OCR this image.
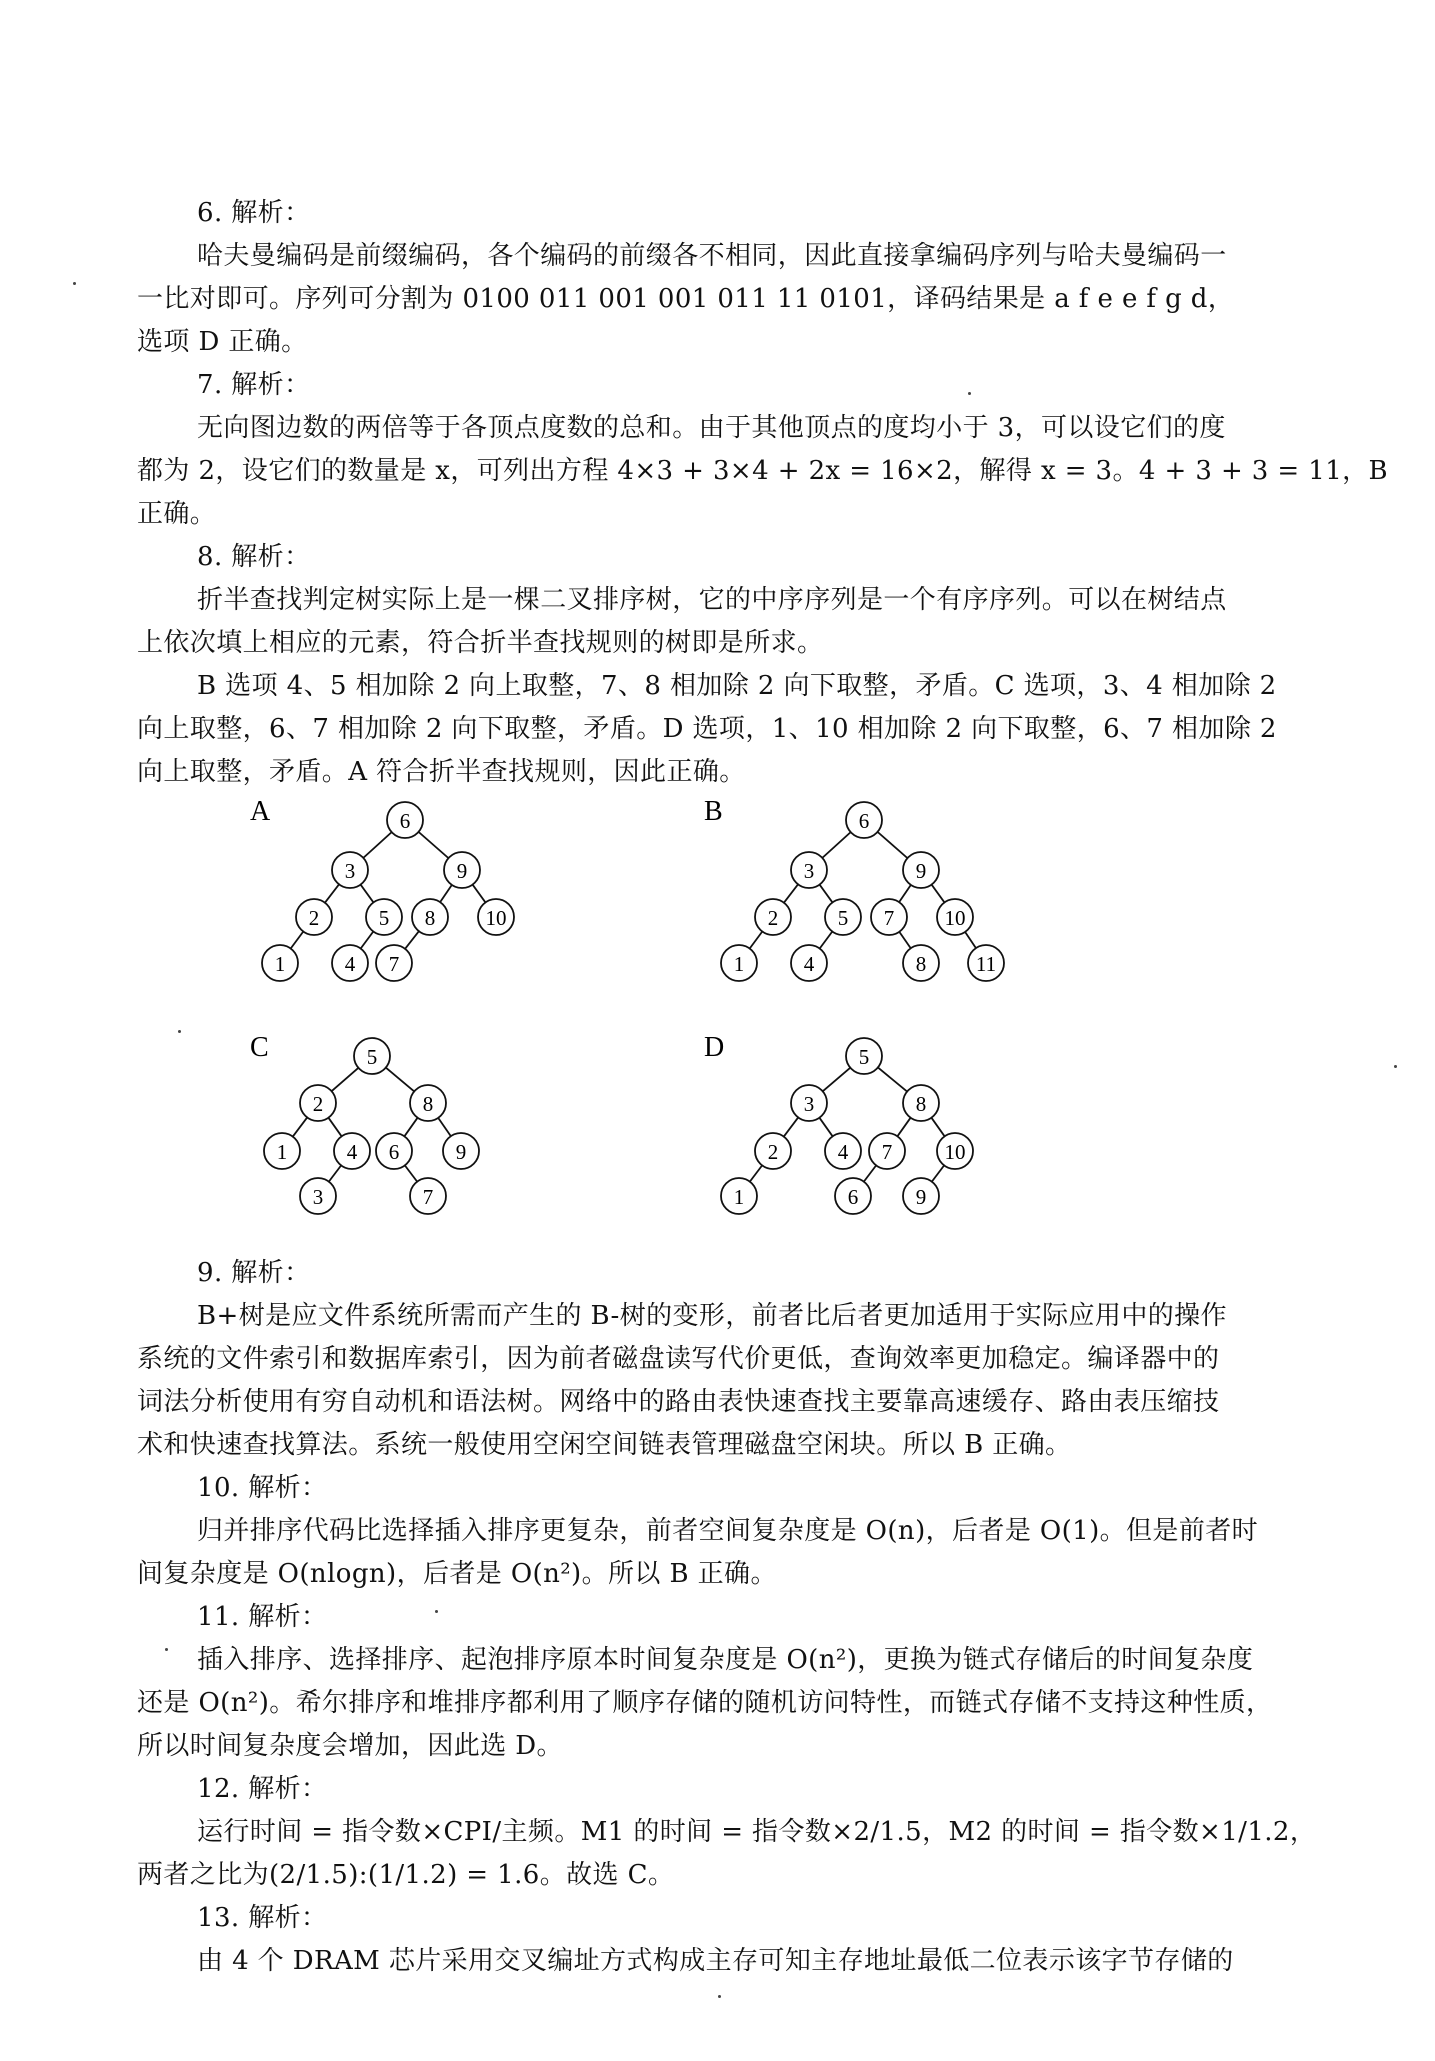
6. 解析：
哈夫曼编码是前缀编码，各个编码的前缀各不相同，因此直接拿编码序列与哈夫曼编码一
一比对即可。序列可分割为 0100 011 001 001 011 11 0101，译码结果是 a f e e f g d，
选项 D 正确。
7. 解析：
无向图边数的两倍等于各顶点度数的总和。由于其他顶点的度均小于 3，可以设它们的度
都为 2，设它们的数量是 x，可列出方程 4×3 + 3×4 + 2x = 16×2，解得 x = 3。4 + 3 + 3 = 11，B
正确。
8. 解析：
折半查找判定树实际上是一棵二叉排序树，它的中序序列是一个有序序列。可以在树结点
上依次填上相应的元素，符合折半查找规则的树即是所求。
B 选项 4、5 相加除 2 向上取整，7、8 相加除 2 向下取整，矛盾。C 选项，3、4 相加除 2
向上取整，6、7 相加除 2 向下取整，矛盾。D 选项，1、10 相加除 2 向下取整，6、7 相加除 2
向上取整，矛盾。A 符合折半查找规则，因此正确。
A	6
3	9
2	5 8 10
1	4 7
B	6
3	9
2	5 7 10
1	4	8 11
C	5
2	8
1	4 6	9
3	7
D	5
3	8
2	4 7 10
1	6	9
9. 解析：
B+树是应文件系统所需而产生的 B-树的变形，前者比后者更加适用于实际应用中的操作
系统的文件索引和数据库索引，因为前者磁盘读写代价更低，查询效率更加稳定。编译器中的
词法分析使用有穷自动机和语法树。网络中的路由表快速查找主要靠高速缓存、路由表压缩技
术和快速查找算法。系统一般使用空闲空间链表管理磁盘空闲块。所以 B 正确。
10. 解析：
归并排序代码比选择插入排序更复杂，前者空间复杂度是 O(n)，后者是 O(1)。但是前者时
间复杂度是 O(nlogn)，后者是 O(n²)。所以 B 正确。
11. 解析：
插入排序、选择排序、起泡排序原本时间复杂度是 O(n²)，更换为链式存储后的时间复杂度
还是 O(n²)。希尔排序和堆排序都利用了顺序存储的随机访问特性，而链式存储不支持这种性质，
所以时间复杂度会增加，因此选 D。
12. 解析：
运行时间 = 指令数×CPI/主频。M1 的时间 = 指令数×2/1.5，M2 的时间 = 指令数×1/1.2，
两者之比为(2/1.5):(1/1.2) = 1.6。故选 C。
13. 解析：
由 4 个 DRAM 芯片采用交叉编址方式构成主存可知主存地址最低二位表示该字节存储的
